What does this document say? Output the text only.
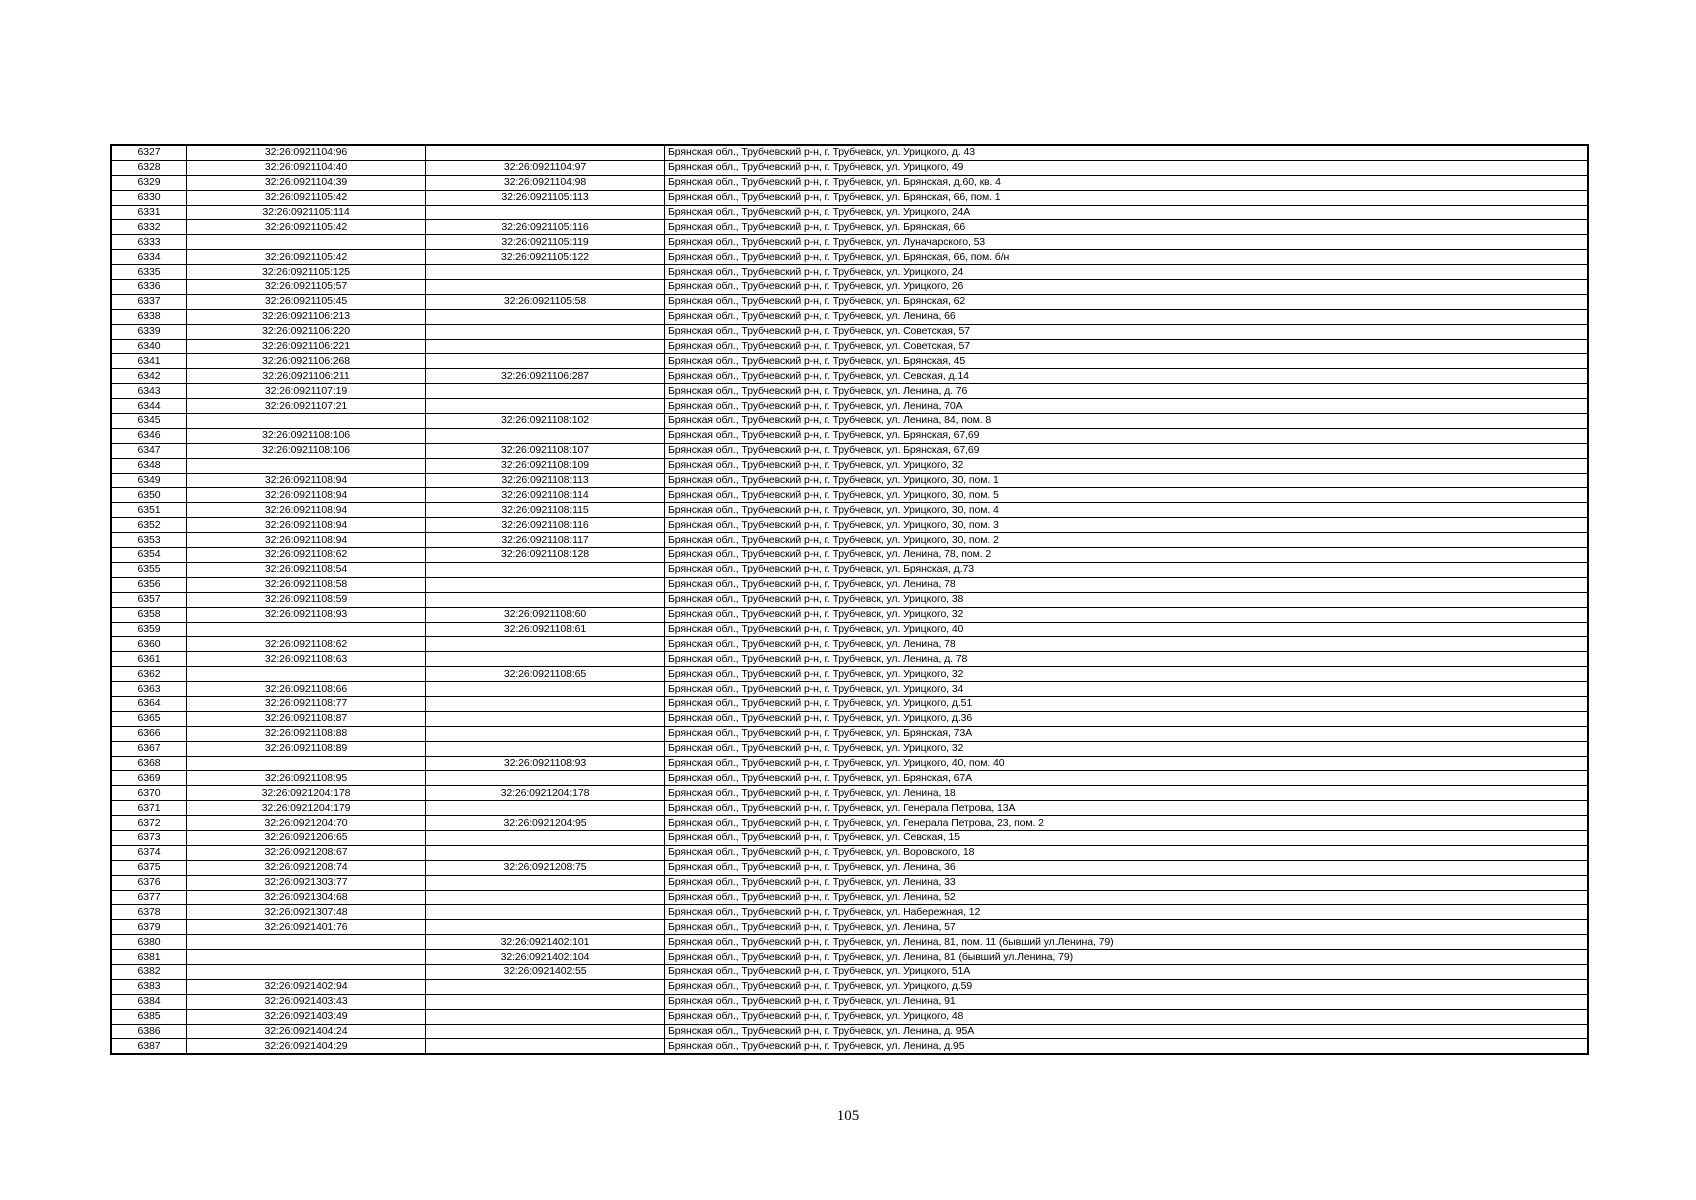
6327	32:26:0921104:96		Брянская обл., Трубчевский р-н, г. Трубчевск, ул. Урицкого, д. 43
6328	32:26:0921104:40	32:26:0921104:97	Брянская обл., Трубчевский р-н, г. Трубчевск, ул. Урицкого, 49
6329	32:26:0921104:39	32:26:0921104:98	Брянская обл., Трубчевский р-н, г. Трубчевск, ул. Брянская, д.60, кв. 4
6330	32:26:0921105:42	32:26:0921105:113	Брянская обл., Трубчевский р-н, г. Трубчевск, ул. Брянская, 66, пом. 1
6331	32:26:0921105:114		Брянская обл., Трубчевский р-н, г. Трубчевск, ул. Урицкого, 24А
6332	32:26:0921105:42	32:26:0921105:116	Брянская обл., Трубчевский р-н, г. Трубчевск, ул. Брянская, 66
6333		32:26:0921105:119	Брянская обл., Трубчевский р-н, г. Трубчевск, ул. Луначарского, 53
6334	32:26:0921105:42	32:26:0921105:122	Брянская обл., Трубчевский р-н, г. Трубчевск, ул. Брянская, 66, пом. б/н
6335	32:26:0921105:125		Брянская обл., Трубчевский р-н, г. Трубчевск, ул. Урицкого, 24
6336	32:26:0921105:57		Брянская обл., Трубчевский р-н, г. Трубчевск, ул. Урицкого, 26
6337	32:26:0921105:45	32:26:0921105:58	Брянская обл., Трубчевский р-н, г. Трубчевск, ул. Брянская, 62
6338	32:26:0921106:213		Брянская обл., Трубчевский р-н, г. Трубчевск, ул. Ленина, 66
6339	32:26:0921106:220		Брянская обл., Трубчевский р-н, г. Трубчевск, ул. Советская, 57
6340	32:26:0921106:221		Брянская обл., Трубчевский р-н, г. Трубчевск, ул. Советская, 57
6341	32:26:0921106:268		Брянская обл., Трубчевский р-н, г. Трубчевск, ул. Брянская, 45
6342	32:26:0921106:211	32:26:0921106:287	Брянская обл., Трубчевский р-н, г. Трубчевск, ул. Севская, д.14
6343	32:26:0921107:19		Брянская обл., Трубчевский р-н, г. Трубчевск, ул. Ленина, д. 76
6344	32:26:0921107:21		Брянская обл., Трубчевский р-н, г. Трубчевск, ул. Ленина, 70А
6345		32:26:0921108:102	Брянская обл., Трубчевский р-н, г. Трубчевск, ул. Ленина, 84, пом. 8
6346	32:26:0921108:106		Брянская обл., Трубчевский р-н, г. Трубчевск, ул. Брянская, 67,69
6347	32:26:0921108:106	32:26:0921108:107	Брянская обл., Трубчевский р-н, г. Трубчевск, ул. Брянская, 67,69
6348		32:26:0921108:109	Брянская обл., Трубчевский р-н, г. Трубчевск, ул. Урицкого, 32
6349	32:26:0921108:94	32:26:0921108:113	Брянская обл., Трубчевский р-н, г. Трубчевск, ул. Урицкого, 30, пом. 1
6350	32:26:0921108:94	32:26:0921108:114	Брянская обл., Трубчевский р-н, г. Трубчевск, ул. Урицкого, 30, пом. 5
6351	32:26:0921108:94	32:26:0921108:115	Брянская обл., Трубчевский р-н, г. Трубчевск, ул. Урицкого, 30, пом. 4
6352	32:26:0921108:94	32:26:0921108:116	Брянская обл., Трубчевский р-н, г. Трубчевск, ул. Урицкого, 30, пом. 3
6353	32:26:0921108:94	32:26:0921108:117	Брянская обл., Трубчевский р-н, г. Трубчевск, ул. Урицкого, 30, пом. 2
6354	32:26:0921108:62	32:26:0921108:128	Брянская обл., Трубчевский р-н, г. Трубчевск, ул. Ленина, 78, пом. 2
6355	32:26:0921108:54		Брянская обл., Трубчевский р-н, г. Трубчевск, ул. Брянская, д.73
6356	32:26:0921108:58		Брянская обл., Трубчевский р-н, г. Трубчевск, ул. Ленина, 78
6357	32:26:0921108:59		Брянская обл., Трубчевский р-н, г. Трубчевск, ул. Урицкого, 38
6358	32:26:0921108:93	32:26:0921108:60	Брянская обл., Трубчевский р-н, г. Трубчевск, ул. Урицкого, 32
6359		32:26:0921108:61	Брянская обл., Трубчевский р-н, г. Трубчевск, ул. Урицкого, 40
6360	32:26:0921108:62		Брянская обл., Трубчевский р-н, г. Трубчевск, ул. Ленина, 78
6361	32:26:0921108:63		Брянская обл., Трубчевский р-н, г. Трубчевск, ул. Ленина, д. 78
6362		32:26:0921108:65	Брянская обл., Трубчевский р-н, г. Трубчевск, ул. Урицкого, 32
6363	32:26:0921108:66		Брянская обл., Трубчевский р-н, г. Трубчевск, ул. Урицкого, 34
6364	32:26:0921108:77		Брянская обл., Трубчевский р-н, г. Трубчевск, ул. Урицкого, д.51
6365	32:26:0921108:87		Брянская обл., Трубчевский р-н, г. Трубчевск, ул. Урицкого, д.36
6366	32:26:0921108:88		Брянская обл., Трубчевский р-н, г. Трубчевск, ул. Брянская, 73А
6367	32:26:0921108:89		Брянская обл., Трубчевский р-н, г. Трубчевск, ул. Урицкого, 32
6368		32:26:0921108:93	Брянская обл., Трубчевский р-н, г. Трубчевск, ул. Урицкого, 40, пом. 40
6369	32:26:0921108:95		Брянская обл., Трубчевский р-н, г. Трубчевск, ул. Брянская, 67А
6370	32:26:0921204:178	32:26:0921204:178	Брянская обл., Трубчевский р-н, г. Трубчевск, ул. Ленина, 18
6371	32:26:0921204:179		Брянская обл., Трубчевский р-н, г. Трубчевск, ул. Генерала Петрова, 13А
6372	32:26:0921204:70	32:26:0921204:95	Брянская обл., Трубчевский р-н, г. Трубчевск, ул. Генерала Петрова, 23, пом. 2
6373	32:26:0921206:65		Брянская обл., Трубчевский р-н, г. Трубчевск, ул. Севская, 15
6374	32:26:0921208:67		Брянская обл., Трубчевский р-н, г. Трубчевск, ул. Воровского, 18
6375	32:26:0921208:74	32:26:0921208:75	Брянская обл., Трубчевский р-н, г. Трубчевск, ул. Ленина, 36
6376	32:26:0921303:77		Брянская обл., Трубчевский р-н, г. Трубчевск, ул. Ленина, 33
6377	32:26:0921304:68		Брянская обл., Трубчевский р-н, г. Трубчевск, ул. Ленина, 52
6378	32:26:0921307:48		Брянская обл., Трубчевский р-н, г. Трубчевск, ул. Набережная, 12
6379	32:26:0921401:76		Брянская обл., Трубчевский р-н, г. Трубчевск, ул. Ленина, 57
6380		32:26:0921402:101	Брянская обл., Трубчевский р-н, г. Трубчевск, ул. Ленина, 81, пом. 11 (бывший ул.Ленина, 79)
6381		32:26:0921402:104	Брянская обл., Трубчевский р-н, г. Трубчевск, ул. Ленина, 81 (бывший ул.Ленина, 79)
6382		32:26:0921402:55	Брянская обл., Трубчевский р-н, г. Трубчевск, ул. Урицкого, 51А
6383	32:26:0921402:94		Брянская обл., Трубчевский р-н, г. Трубчевск, ул. Урицкого, д.59
6384	32:26:0921403:43		Брянская обл., Трубчевский р-н, г. Трубчевск, ул. Ленина, 91
6385	32:26:0921403:49		Брянская обл., Трубчевский р-н, г. Трубчевск, ул. Урицкого, 48
6386	32:26:0921404:24		Брянская обл., Трубчевский р-н, г. Трубчевск, ул. Ленина, д. 95А
6387	32:26:0921404:29		Брянская обл., Трубчевский р-н, г. Трубчевск, ул. Ленина, д.95
105
